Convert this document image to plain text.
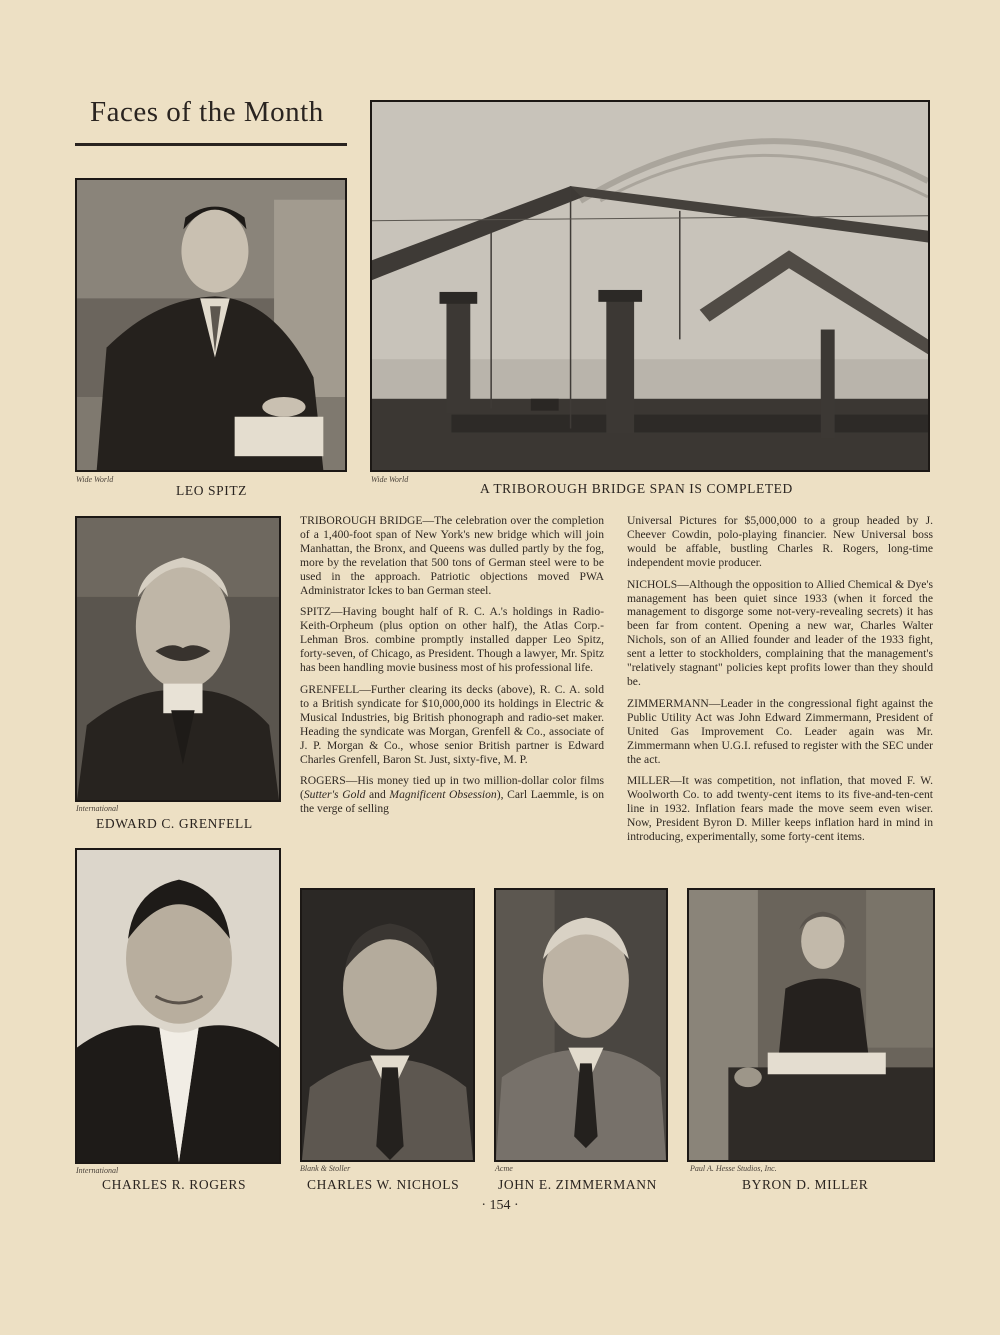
Faces of the Month
Wide World
LEO SPITZ
Wide World
A TRIBOROUGH BRIDGE SPAN IS COMPLETED
International
EDWARD C. GRENFELL

TRIBOROUGH BRIDGE—The celebration over the completion of a 1,400-foot span of New York's new bridge which will join Manhattan, the Bronx, and Queens was dulled partly by the fog, more by the revelation that 500 tons of German steel were to be used in the approach. Patriotic objections moved PWA Administrator Ickes to ban German steel.

SPITZ—Having bought half of R. C. A.'s holdings in Radio-Keith-Orpheum (plus option on other half), the Atlas Corp.-Lehman Bros. combine promptly installed dapper Leo Spitz, forty-seven, of Chicago, as President. Though a lawyer, Mr. Spitz has been handling movie business most of his professional life.

GRENFELL—Further clearing its decks (above), R. C. A. sold to a British syndicate for $10,000,000 its holdings in Electric & Musical Industries, big British phonograph and radio-set maker. Heading the syndicate was Morgan, Grenfell & Co., associate of J. P. Morgan & Co., whose senior British partner is Edward Charles Grenfell, Baron St. Just, sixty-five, M. P.

ROGERS—His money tied up in two million-dollar color films (Sutter's Gold and Magnificent Obsession), Carl Laemmle, is on the verge of selling

Universal Pictures for $5,000,000 to a group headed by J. Cheever Cowdin, polo-playing financier. New Universal boss would be affable, bustling Charles R. Rogers, long-time independent movie producer.

NICHOLS—Although the opposition to Allied Chemical & Dye's management has been quiet since 1933 (when it forced the management to disgorge some not-very-revealing secrets) it has been far from content. Opening a new war, Charles Walter Nichols, son of an Allied founder and leader of the 1933 fight, sent a letter to stockholders, complaining that the management's "relatively stagnant" policies kept profits lower than they should be.

ZIMMERMANN—Leader in the congressional fight against the Public Utility Act was John Edward Zimmermann, President of United Gas Improvement Co. Leader again was Mr. Zimmermann when U.G.I. refused to register with the SEC under the act.

MILLER—It was competition, not inflation, that moved F. W. Woolworth Co. to add twenty-cent items to its five-and-ten-cent line in 1932. Inflation fears made the move seem even wiser. Now, President Byron D. Miller keeps inflation hard in mind in introducing, experimentally, some forty-cent items.

International
CHARLES R. ROGERS
Blank & Stoller
CHARLES W. NICHOLS
Acme
JOHN E. ZIMMERMANN
Paul A. Hesse Studios, Inc.
BYRON D. MILLER
· 154 ·
